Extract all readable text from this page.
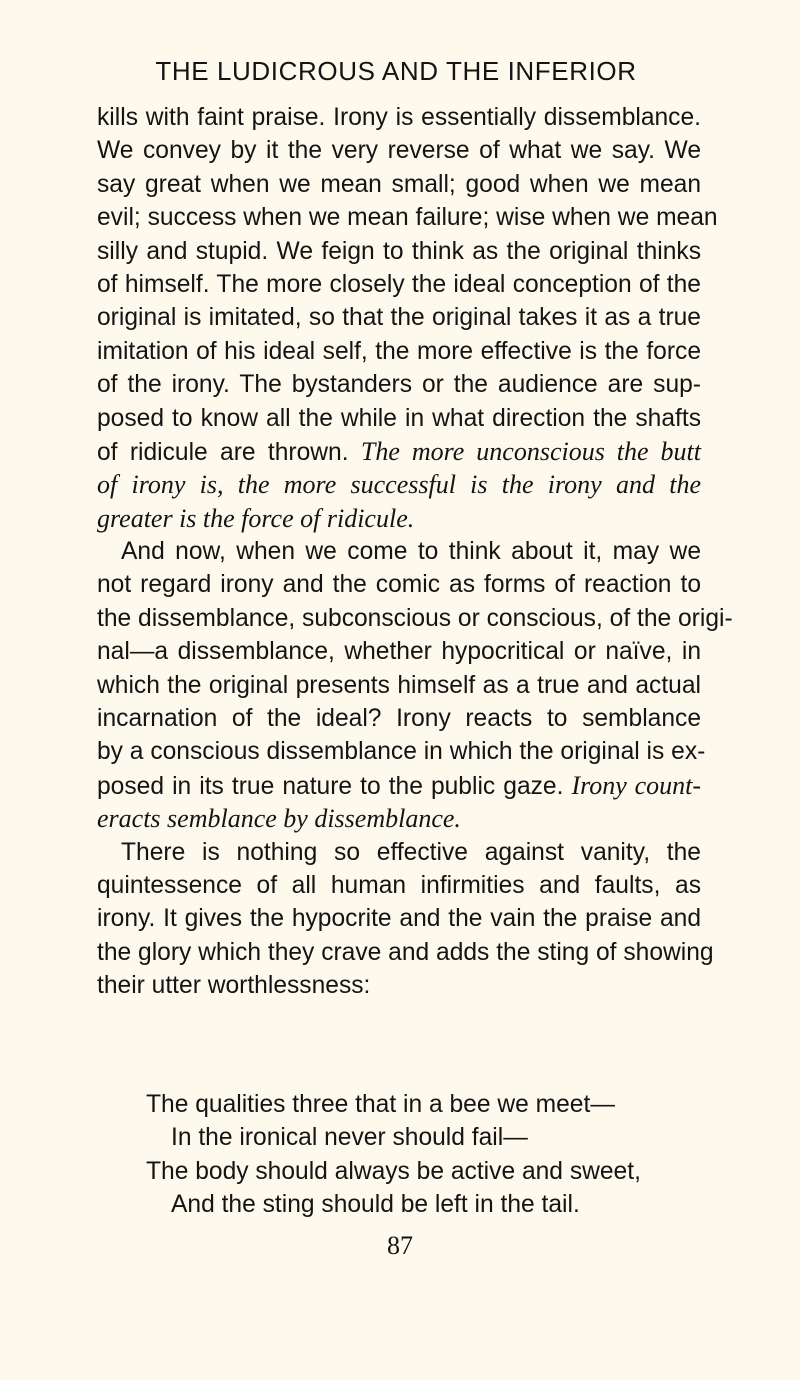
THE LUDICROUS AND THE INFERIOR
kills with faint praise. Irony is essentially dissemblance.
We convey by it the very reverse of what we say. We
say great when we mean small; good when we mean
evil; success when we mean failure; wise when we mean
silly and stupid. We feign to think as the original thinks
of himself. The more closely the ideal conception of the
original is imitated, so that the original takes it as a true
imitation of his ideal self, the more effective is the force
of the irony. The bystanders or the audience are sup-
posed to know all the while in what direction the shafts
of ridicule are thrown. The more unconscious the butt
of irony is, the more successful is the irony and the
greater is the force of ridicule.
And now, when we come to think about it, may we
not regard irony and the comic as forms of reaction to
the dissemblance, subconscious or conscious, of the origi-
nal—a dissemblance, whether hypocritical or naïve, in
which the original presents himself as a true and actual
incarnation of the ideal? Irony reacts to semblance
by a conscious dissemblance in which the original is ex-
posed in its true nature to the public gaze. Irony count-
eracts semblance by dissemblance.
There is nothing so effective against vanity, the
quintessence of all human infirmities and faults, as
irony. It gives the hypocrite and the vain the praise and
the glory which they crave and adds the sting of showing
their utter worthlessness:
The qualities three that in a bee we meet—
In the ironical never should fail—
The body should always be active and sweet,
And the sting should be left in the tail.
87
